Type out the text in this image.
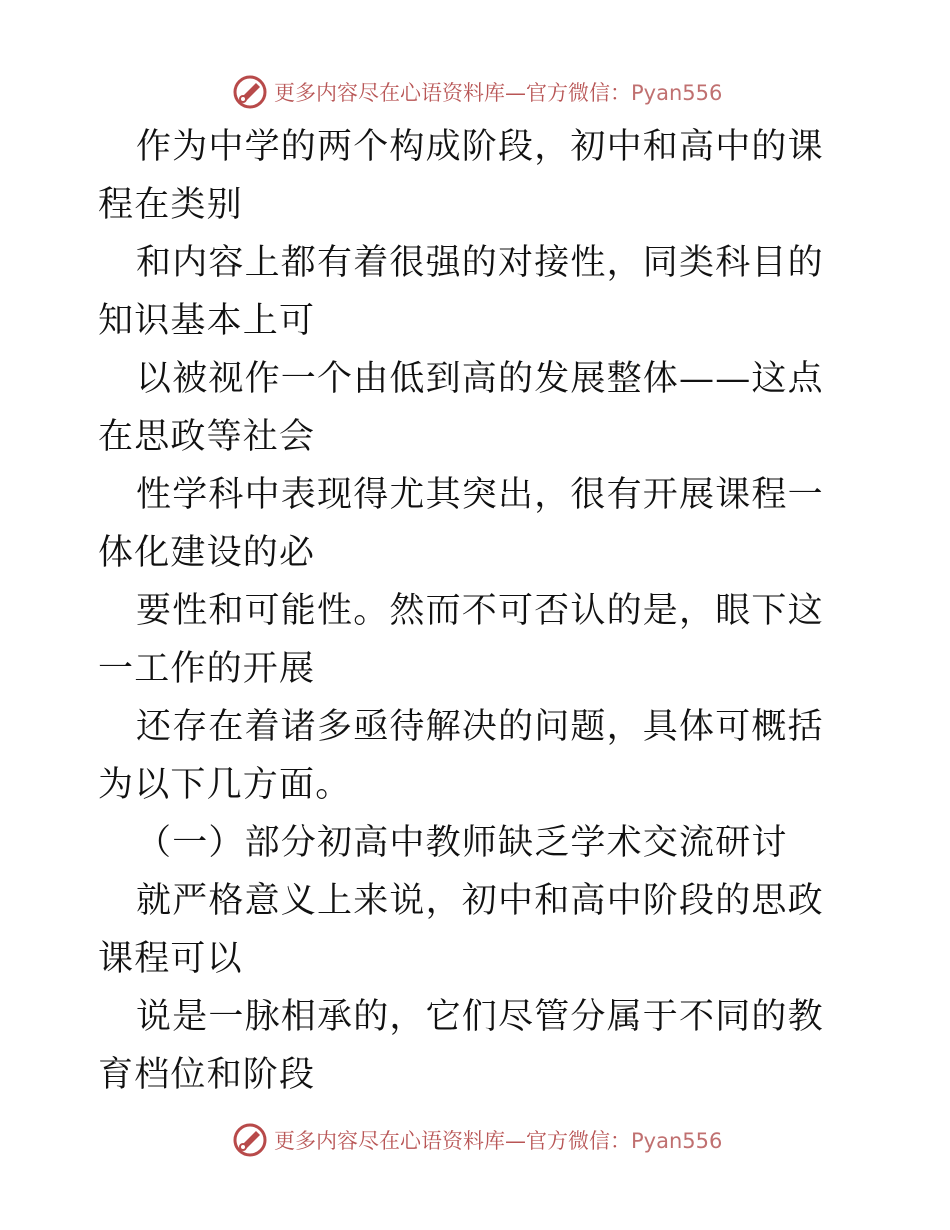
更多内容尽在心语资料库—官方微信：Pyan556

作为中学的两个构成阶段，初中和高中的课程在类别

和内容上都有着很强的对接性，同类科目的知识基本上可

以被视作一个由低到高的发展整体——这点在思政等社会

性学科中表现得尤其突出，很有开展课程一体化建设的必

要性和可能性。然而不可否认的是，眼下这一工作的开展

还存在着诸多亟待解决的问题，具体可概括为以下几方面。

（一）部分初高中教师缺乏学术交流研讨

就严格意义上来说，初中和高中阶段的思政课程可以

说是一脉相承的，它们尽管分属于不同的教育档位和阶段

更多内容尽在心语资料库—官方微信：Pyan556
